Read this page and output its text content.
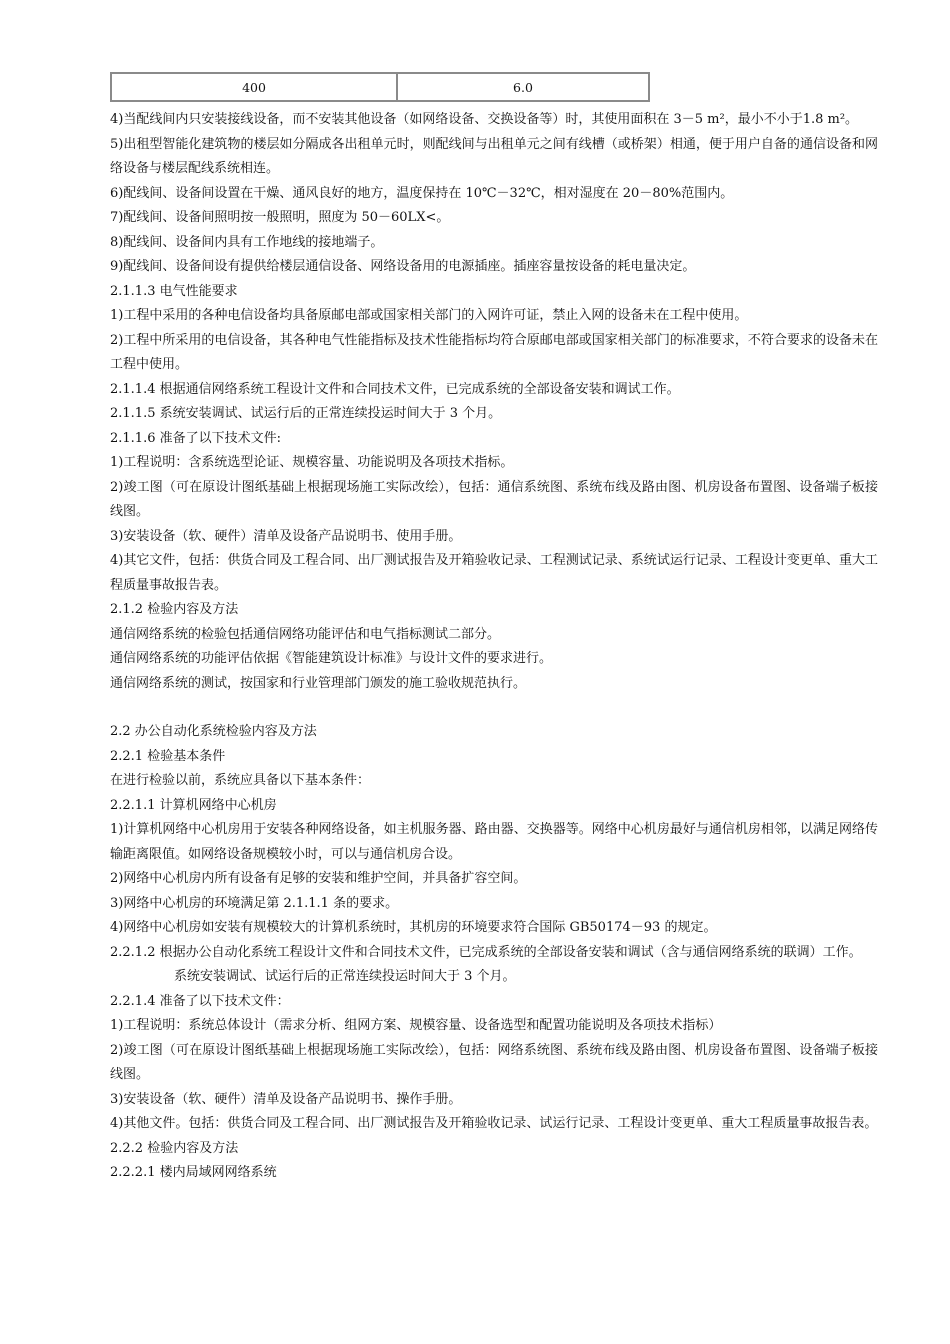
400	6.0

4)当配线间内只安装接线设备，而不安装其他设备（如网络设备、交换设备等）时，其使用面积在 3－5 m²，最小不小于1.8 m²。

5)出租型智能化建筑物的楼层如分隔成各出租单元时，则配线间与出租单元之间有线槽（或桥架）相通，便于用户自备的通信设备和网络设备与楼层配线系统相连。

6)配线间、设备间设置在干燥、通风良好的地方，温度保持在 10℃－32℃，相对湿度在 20－80%范围内。

7)配线间、设备间照明按一般照明，照度为 50－60LX<。

8)配线间、设备间内具有工作地线的接地端子。

9)配线间、设备间设有提供给楼层通信设备、网络设备用的电源插座。插座容量按设备的耗电量决定。

2.1.1.3 电气性能要求

1)工程中采用的各种电信设备均具备原邮电部或国家相关部门的入网许可证，禁止入网的设备未在工程中使用。

2)工程中所采用的电信设备，其各种电气性能指标及技术性能指标均符合原邮电部或国家相关部门的标准要求，不符合要求的设备未在工程中使用。

2.1.1.4 根据通信网络系统工程设计文件和合同技术文件，已完成系统的全部设备安装和调试工作。

2.1.1.5 系统安装调试、试运行后的正常连续投运时间大于 3 个月。

2.1.1.6 准备了以下技术文件:

1)工程说明：含系统选型论证、规模容量、功能说明及各项技术指标。

2)竣工图（可在原设计图纸基础上根据现场施工实际改绘），包括：通信系统图、系统布线及路由图、机房设备布置图、设备端子板接线图。

3)安装设备（软、硬件）清单及设备产品说明书、使用手册。

4)其它文件，包括：供货合同及工程合同、出厂测试报告及开箱验收记录、工程测试记录、系统试运行记录、工程设计变更单、重大工程质量事故报告表。

2.1.2 检验内容及方法

通信网络系统的检验包括通信网络功能评估和电气指标测试二部分。

通信网络系统的功能评估依据《智能建筑设计标准》与设计文件的要求进行。

通信网络系统的测试，按国家和行业管理部门颁发的施工验收规范执行。

2.2 办公自动化系统检验内容及方法

2.2.1 检验基本条件

在进行检验以前，系统应具备以下基本条件：

2.2.1.1 计算机网络中心机房

1)计算机网络中心机房用于安装各种网络设备，如主机服务器、路由器、交换器等。网络中心机房最好与通信机房相邻，以满足网络传输距离限值。如网络设备规模较小时，可以与通信机房合设。

2)网络中心机房内所有设备有足够的安装和维护空间，并具备扩容空间。

3)网络中心机房的环境满足第 2.1.1.1 条的要求。

4)网络中心机房如安装有规模较大的计算机系统时，其机房的环境要求符合国际 GB50174－93 的规定。

2.2.1.2 根据办公自动化系统工程设计文件和合同技术文件，已完成系统的全部设备安装和调试（含与通信网络系统的联调）工作。

系统安装调试、试运行后的正常连续投运时间大于 3 个月。

2.2.1.4 准备了以下技术文件：

1)工程说明：系统总体设计（需求分析、组网方案、规模容量、设备选型和配置功能说明及各项技术指标）

2)竣工图（可在原设计图纸基础上根据现场施工实际改绘），包括：网络系统图、系统布线及路由图、机房设备布置图、设备端子板接线图。

3)安装设备（软、硬件）清单及设备产品说明书、操作手册。

4)其他文件。包括：供货合同及工程合同、出厂测试报告及开箱验收记录、试运行记录、工程设计变更单、重大工程质量事故报告表。

2.2.2 检验内容及方法

2.2.2.1 楼内局域网网络系统
